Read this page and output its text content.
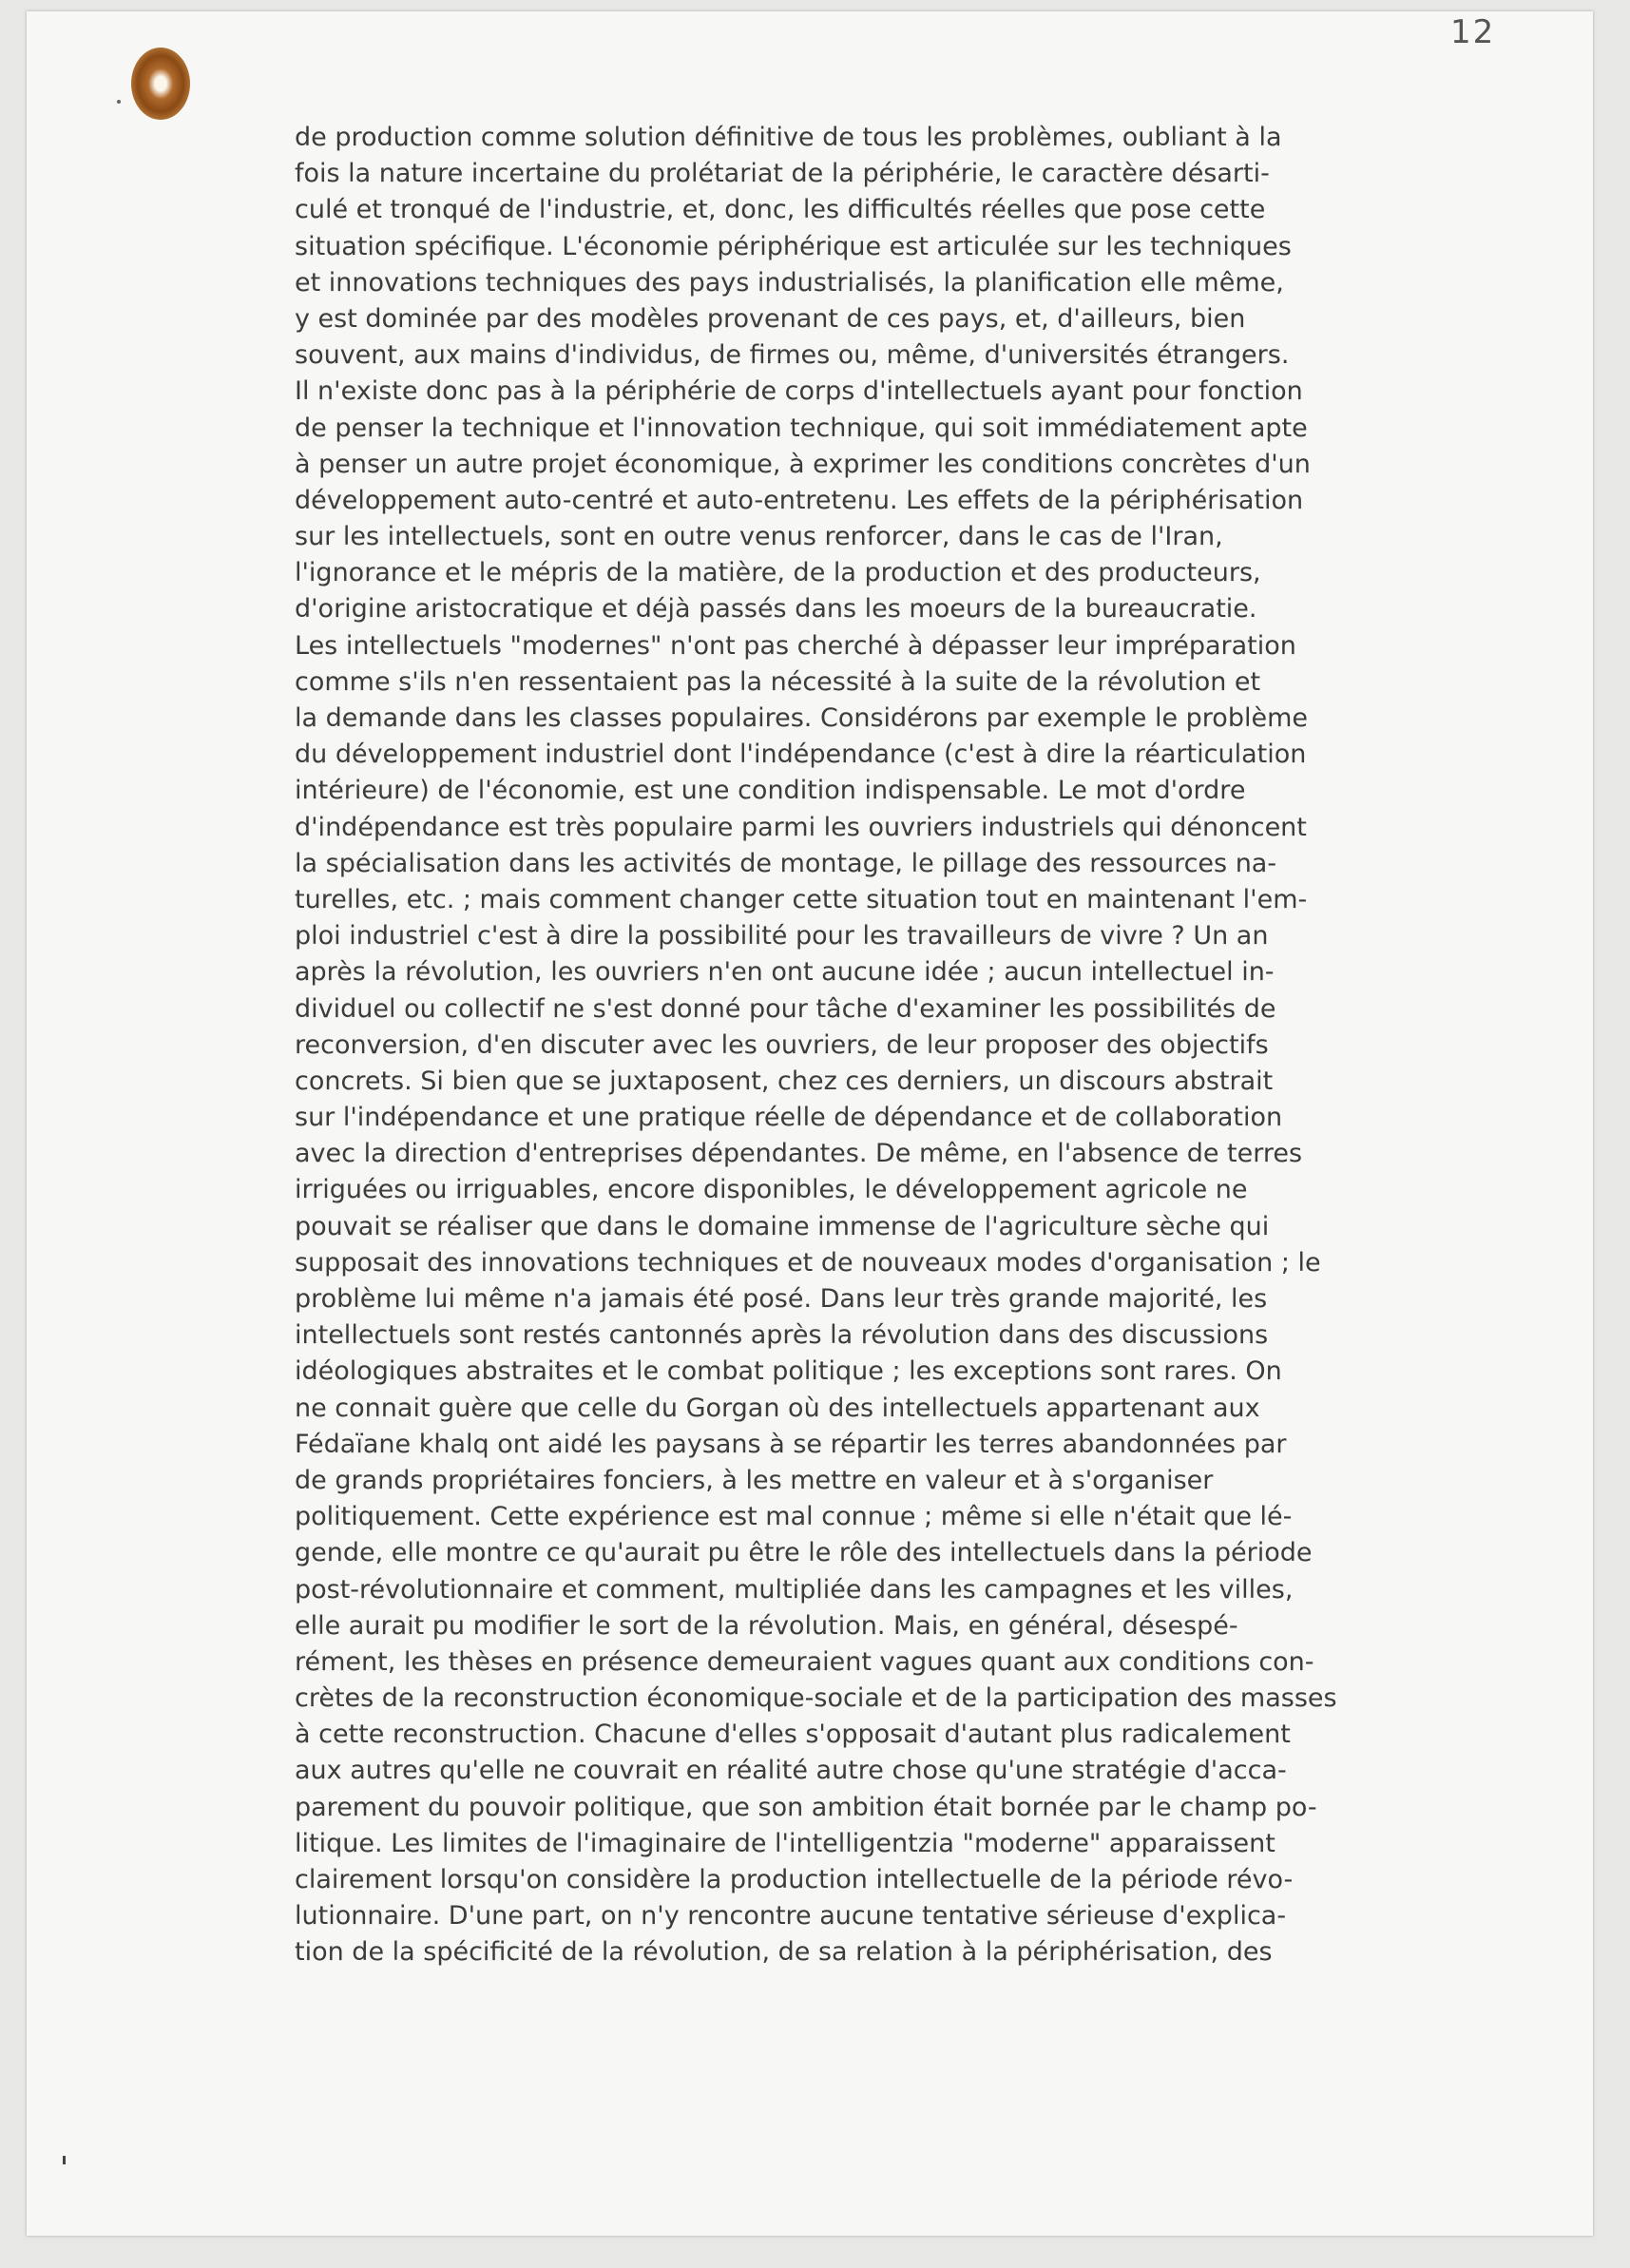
12
de production comme solution définitive de tous les problèmes, oubliant à la
fois la nature incertaine du prolétariat de la périphérie, le caractère désarti-
culé et tronqué de l'industrie, et, donc, les difficultés réelles que pose cette
situation spécifique. L'économie périphérique est articulée sur les techniques
et innovations techniques des pays industrialisés, la planification elle même,
y est dominée par des modèles provenant de ces pays, et, d'ailleurs, bien
souvent, aux mains d'individus, de firmes ou, même, d'universités étrangers.
Il n'existe donc pas à la périphérie de corps d'intellectuels ayant pour fonction
de penser la technique et l'innovation technique, qui soit immédiatement apte
à penser un autre projet économique, à exprimer les conditions concrètes d'un
développement auto-centré et auto-entretenu. Les effets de la périphérisation
sur les intellectuels, sont en outre venus renforcer, dans le cas de l'Iran,
l'ignorance et le mépris de la matière, de la production et des producteurs,
d'origine aristocratique et déjà passés dans les moeurs de la bureaucratie.
Les intellectuels "modernes" n'ont pas cherché à dépasser leur impréparation
comme s'ils n'en ressentaient pas la nécessité à la suite de la révolution et
la demande dans les classes populaires. Considérons par exemple le problème
du développement industriel dont l'indépendance (c'est à dire la réarticulation
intérieure) de l'économie, est une condition indispensable. Le mot d'ordre
d'indépendance est très populaire parmi les ouvriers industriels qui dénoncent
la spécialisation dans les activités de montage, le pillage des ressources na-
turelles, etc. ; mais comment changer cette situation tout en maintenant l'em-
ploi industriel c'est à dire la possibilité pour les travailleurs de vivre ? Un an
après la révolution, les ouvriers n'en ont aucune idée ; aucun intellectuel in-
dividuel ou collectif ne s'est donné pour tâche d'examiner les possibilités de
reconversion, d'en discuter avec les ouvriers, de leur proposer des objectifs
concrets. Si bien que se juxtaposent, chez ces derniers, un discours abstrait
sur l'indépendance et une pratique réelle de dépendance et de collaboration
avec la direction d'entreprises dépendantes. De même, en l'absence de terres
irriguées ou irriguables, encore disponibles, le développement agricole ne
pouvait se réaliser que dans le domaine immense de l'agriculture sèche qui
supposait des innovations techniques et de nouveaux modes d'organisation ; le
problème lui même n'a jamais été posé. Dans leur très grande majorité, les
intellectuels sont restés cantonnés après la révolution dans des discussions
idéologiques abstraites et le combat politique ; les exceptions sont rares. On
ne connait guère que celle du Gorgan où des intellectuels appartenant aux
Fédaïane khalq ont aidé les paysans à se répartir les terres abandonnées par
de grands propriétaires fonciers, à les mettre en valeur et à s'organiser
politiquement. Cette expérience est mal connue ; même si elle n'était que lé-
gende, elle montre ce qu'aurait pu être le rôle des intellectuels dans la période
post-révolutionnaire et comment, multipliée dans les campagnes et les villes,
elle aurait pu modifier le sort de la révolution. Mais, en général, désespé-
rément, les thèses en présence demeuraient vagues quant aux conditions con-
crètes de la reconstruction économique-sociale et de la participation des masses
à cette reconstruction. Chacune d'elles s'opposait d'autant plus radicalement
aux autres qu'elle ne couvrait en réalité autre chose qu'une stratégie d'acca-
parement du pouvoir politique, que son ambition était bornée par le champ po-
litique. Les limites de l'imaginaire de l'intelligentzia "moderne" apparaissent
clairement lorsqu'on considère la production intellectuelle de la période révo-
lutionnaire. D'une part, on n'y rencontre aucune tentative sérieuse d'explica-
tion de la spécificité de la révolution, de sa relation à la périphérisation, des
